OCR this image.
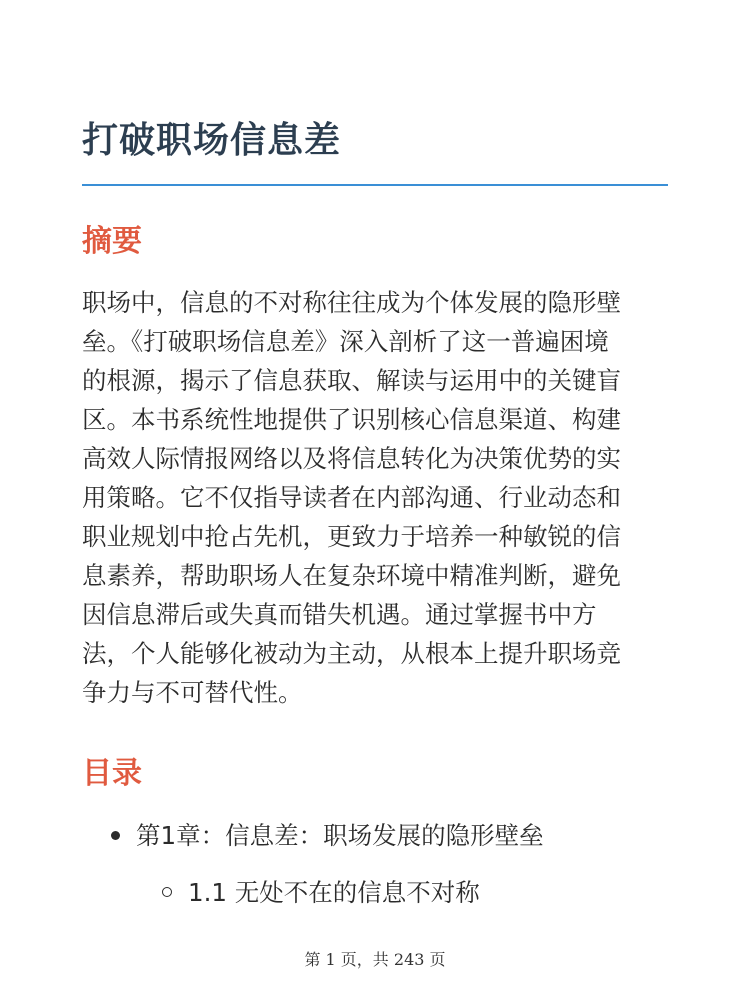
打破职场信息差
摘要

职场中，信息的不对称往往成为个体发展的隐形壁
垒。《打破职场信息差》深入剖析了这一普遍困境
的根源，揭示了信息获取、解读与运用中的关键盲
区。本书系统性地提供了识别核心信息渠道、构建
高效人际情报网络以及将信息转化为决策优势的实
用策略。它不仅指导读者在内部沟通、行业动态和
职业规划中抢占先机，更致力于培养一种敏锐的信
息素养，帮助职场人在复杂环境中精准判断，避免
因信息滞后或失真而错失机遇。通过掌握书中方
法，个人能够化被动为主动，从根本上提升职场竞
争力与不可替代性。

目录
第1章：信息差：职场发展的隐形壁垒
1.1 无处不在的信息不对称
第 1 页，共 243 页
